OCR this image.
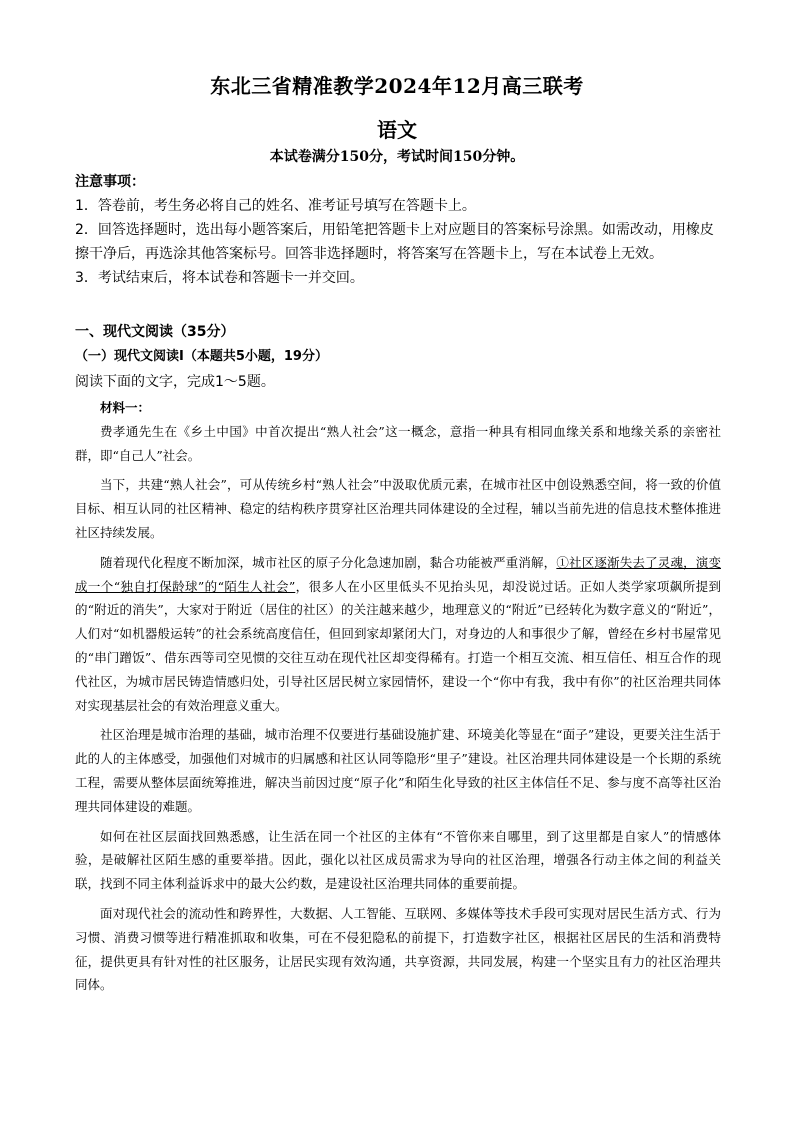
东北三省精准教学2024年12月高三联考
语文
本试卷满分150分，考试时间150分钟。

注意事项：

1．答卷前，考生务必将自己的姓名、准考证号填写在答题卡上。

2．回答选择题时，选出每小题答案后，用铅笔把答题卡上对应题目的答案标号涂黑。如需改动，用橡皮擦干净后，再选涂其他答案标号。回答非选择题时，将答案写在答题卡上，写在本试卷上无效。

3．考试结束后，将本试卷和答题卡一并交回。

一、现代文阅读（35分）

（一）现代文阅读Ⅰ（本题共5小题，19分）

阅读下面的文字，完成1～5题。

材料一：

费孝通先生在《乡土中国》中首次提出“熟人社会”这一概念，意指一种具有相同血缘关系和地缘关系的亲密社群，即“自己人”社会。

当下，共建“熟人社会”，可从传统乡村“熟人社会”中汲取优质元素，在城市社区中创设熟悉空间，将一致的价值目标、相互认同的社区精神、稳定的结构秩序贯穿社区治理共同体建设的全过程，辅以当前先进的信息技术整体推进社区持续发展。

随着现代化程度不断加深，城市社区的原子分化急速加剧，黏合功能被严重消解，①社区逐渐失去了灵魂，演变成一个“独自打保龄球”的“陌生人社会”，很多人在小区里低头不见抬头见，却没说过话。正如人类学家项飙所提到的“附近的消失”，大家对于附近（居住的社区）的关注越来越少，地理意义的“附近”已经转化为数字意义的“附近”，人们对“如机器般运转”的社会系统高度信任，但回到家却紧闭大门，对身边的人和事很少了解，曾经在乡村书屋常见的“串门蹭饭”、借东西等司空见惯的交往互动在现代社区却变得稀有。打造一个相互交流、相互信任、相互合作的现代社区，为城市居民铸造情感归处，引导社区居民树立家园情怀，建设一个“你中有我，我中有你”的社区治理共同体对实现基层社会的有效治理意义重大。

社区治理是城市治理的基础，城市治理不仅要进行基础设施扩建、环境美化等显在“面子”建设，更要关注生活于此的人的主体感受，加强他们对城市的归属感和社区认同等隐形“里子”建设。社区治理共同体建设是一个长期的系统工程，需要从整体层面统筹推进，解决当前因过度“原子化”和陌生化导致的社区主体信任不足、参与度不高等社区治理共同体建设的难题。

如何在社区层面找回熟悉感，让生活在同一个社区的主体有“不管你来自哪里，到了这里都是自家人”的情感体验，是破解社区陌生感的重要举措。因此，强化以社区成员需求为导向的社区治理，增强各行动主体之间的利益关联，找到不同主体利益诉求中的最大公约数，是建设社区治理共同体的重要前提。

面对现代社会的流动性和跨界性，大数据、人工智能、互联网、多媒体等技术手段可实现对居民生活方式、行为习惯、消费习惯等进行精准抓取和收集，可在不侵犯隐私的前提下，打造数字社区，根据社区居民的生活和消费特征，提供更具有针对性的社区服务，让居民实现有效沟通，共享资源，共同发展，构建一个坚实且有力的社区治理共同体。
